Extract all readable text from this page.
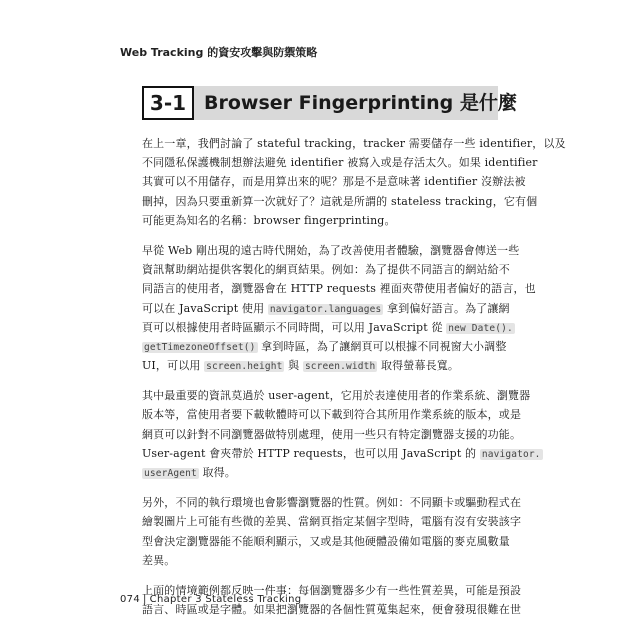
Web Tracking 的資安攻擊與防禦策略
3-1 Browser Fingerprinting 是什麼
在上一章，我們討論了 stateful tracking，tracker 需要儲存一些 identifier，以及
不同隱私保護機制想辦法避免 identifier 被寫入或是存活太久。如果 identifier
其實可以不用儲存，而是用算出來的呢？那是不是意味著 identifier 沒辦法被
刪掉，因為只要重新算一次就好了？這就是所謂的 stateless tracking，它有個
可能更為知名的名稱：browser fingerprinting。
早從 Web 剛出現的遠古時代開始，為了改善使用者體驗，瀏覽器會傳送一些
資訊幫助網站提供客製化的網頁結果。例如：為了提供不同語言的網站給不
同語言的使用者，瀏覽器會在 HTTP requests 裡面夾帶使用者偏好的語言，也
可以在 JavaScript 使用 navigator.languages 拿到偏好語言。為了讓網
頁可以根據使用者時區顯示不同時間，可以用 JavaScript 從 new Date().
getTimezoneOffset() 拿到時區，為了讓網頁可以根據不同視窗大小調整
UI，可以用 screen.height 與 screen.width 取得螢幕長寬。
其中最重要的資訊莫過於 user-agent，它用於表達使用者的作業系統、瀏覽器
版本等，當使用者要下載軟體時可以下載到符合其所用作業系統的版本，或是
網頁可以針對不同瀏覽器做特別處理，使用一些只有特定瀏覽器支援的功能。
User-agent 會夾帶於 HTTP requests，也可以用 JavaScript 的 navigator.
userAgent 取得。
另外，不同的執行環境也會影響瀏覽器的性質。例如：不同顯卡或驅動程式在
繪製圖片上可能有些微的差異、當網頁指定某個字型時，電腦有沒有安裝該字
型會決定瀏覽器能不能順利顯示，又或是其他硬體設備如電腦的麥克風數量
差異。
上面的情境範例都反映一件事：每個瀏覽器多少有一些性質差異，可能是預設
語言、時區或是字體。如果把瀏覽器的各個性質蒐集起來，便會發現很難在世
074 | Chapter 3 Stateless Tracking
